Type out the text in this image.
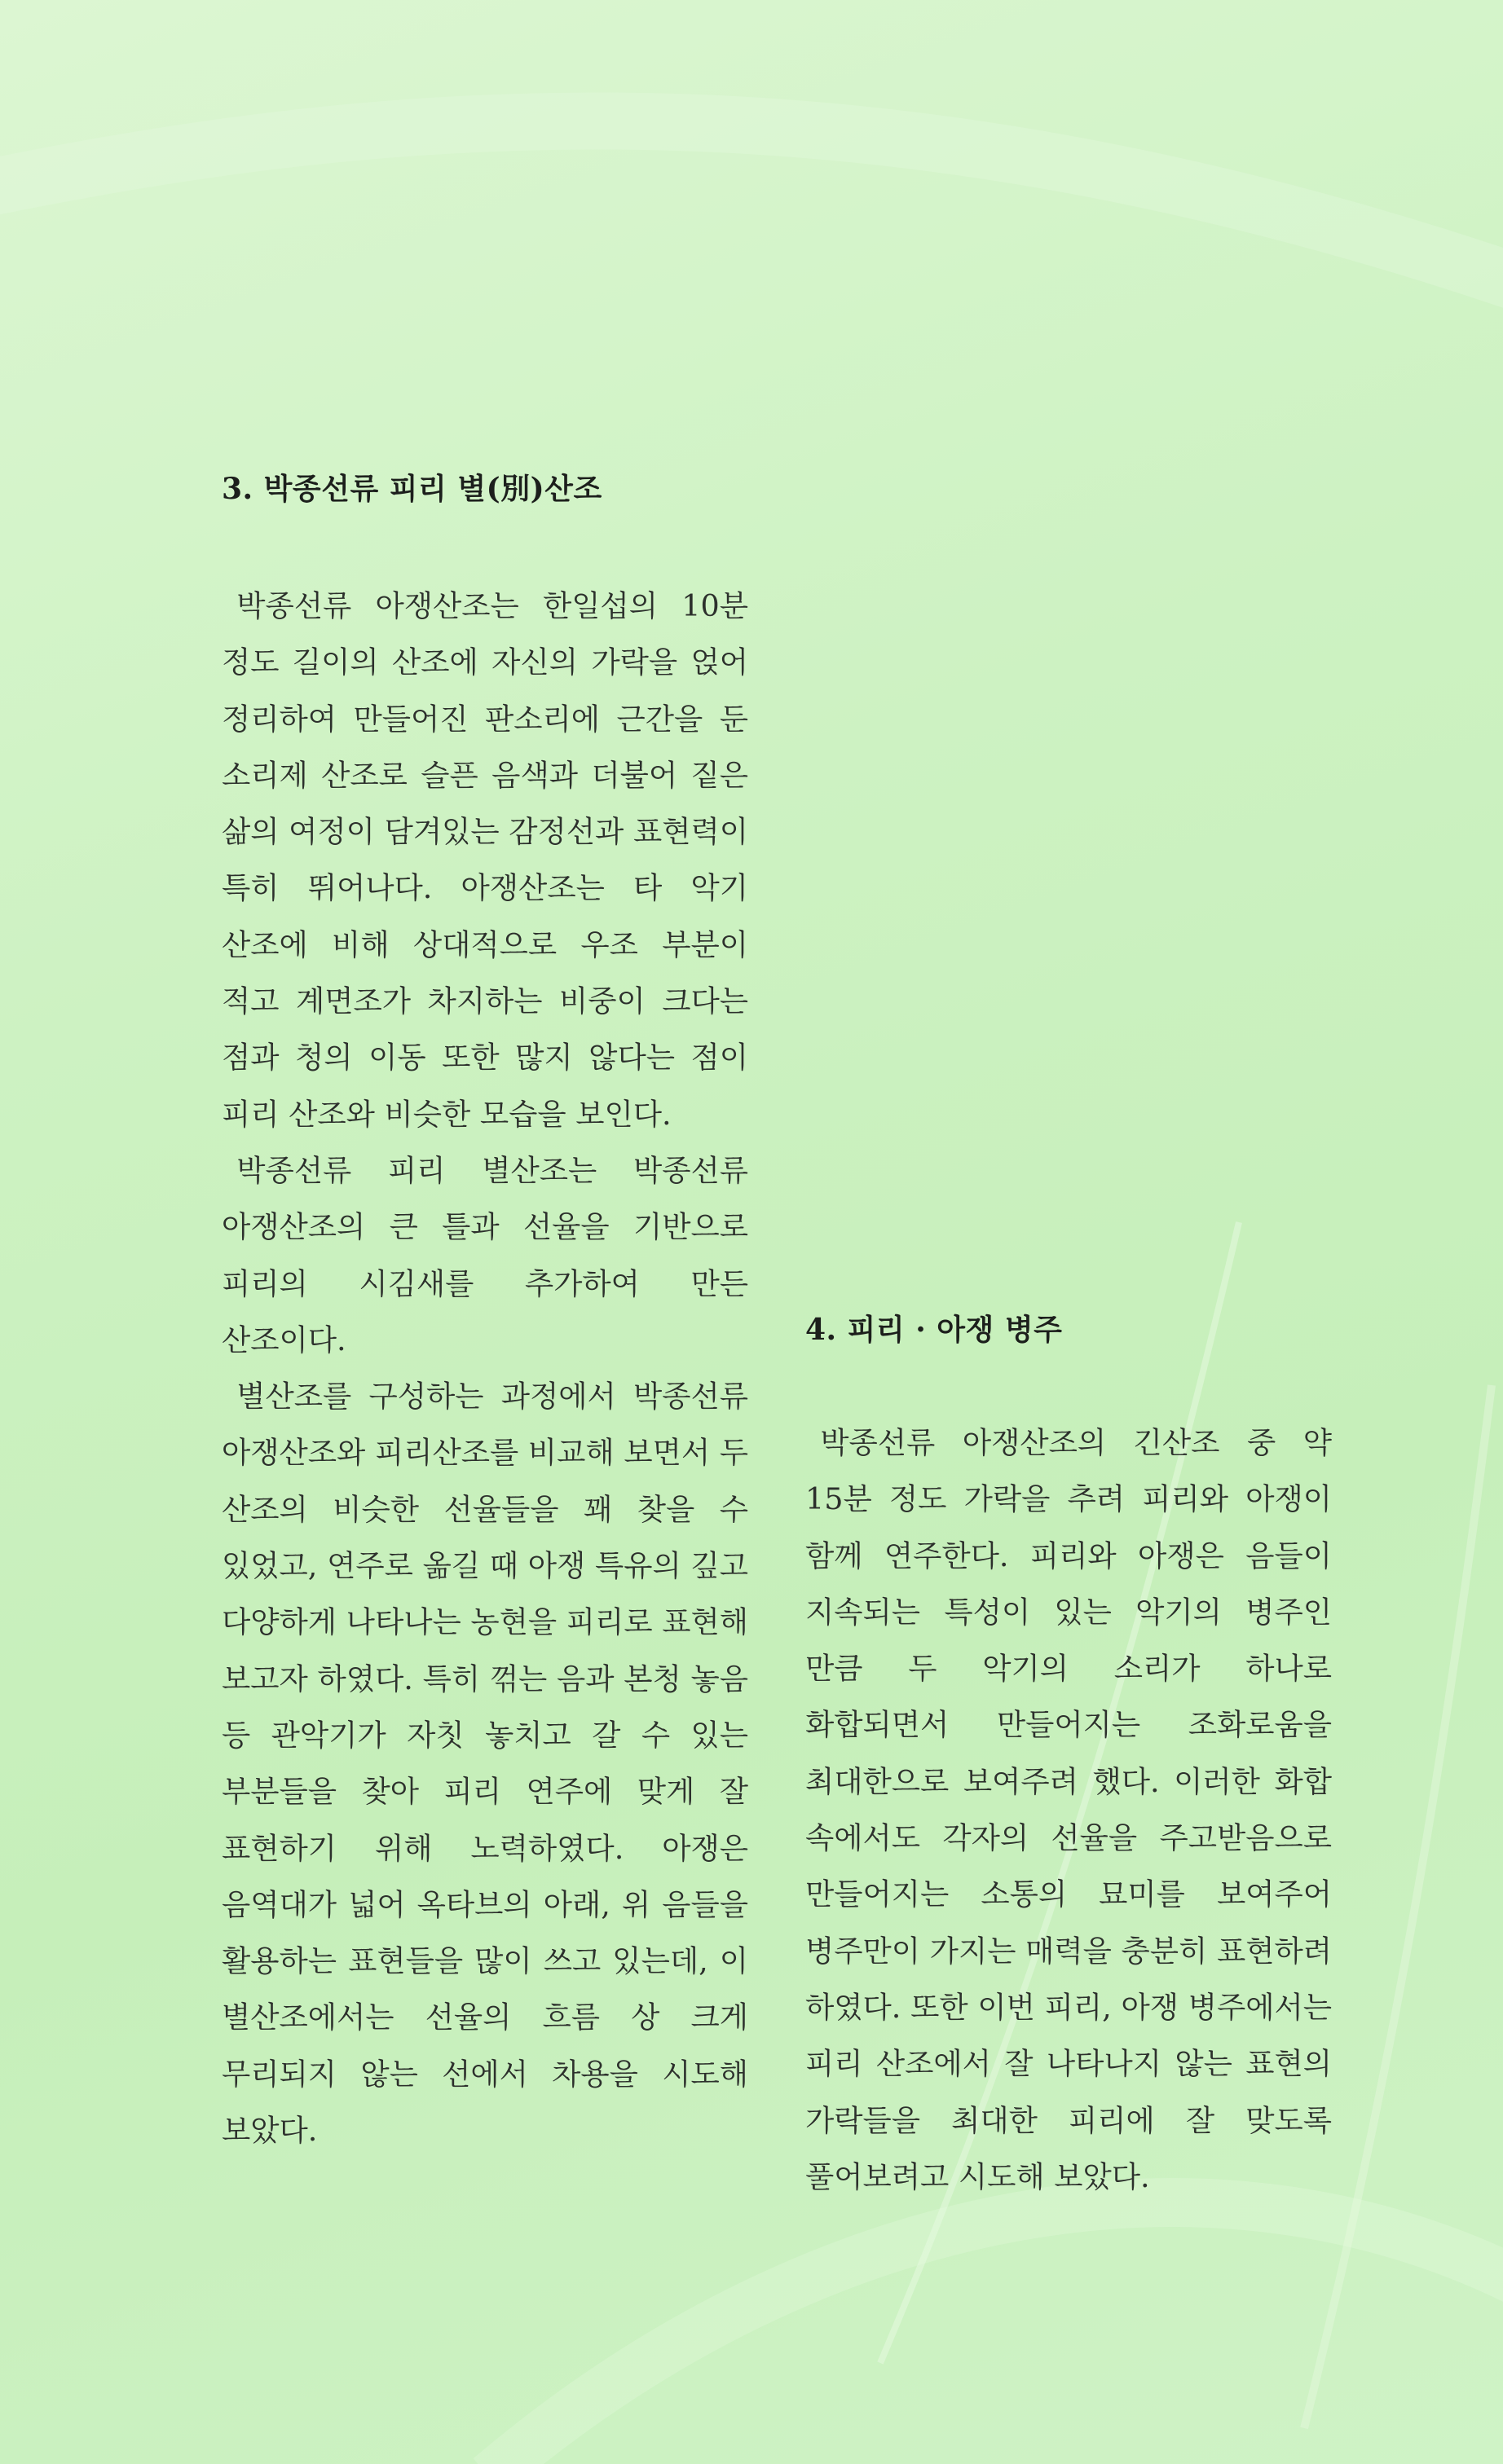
3. 박종선류 피리 별(別)산조

박종선류 아쟁산조는 한일섭의 10분 정도 길이의 산조에 자신의 가락을 얹어 정리하여 만들어진 판소리에 근간을 둔 소리제 산조로 슬픈 음색과 더불어 짙은 삶의 여정이 담겨있는 감정선과 표현력이 특히 뛰어나다. 아쟁산조는 타 악기 산조에 비해 상대적으로 우조 부분이 적고 계면조가 차지하는 비중이 크다는 점과 청의 이동 또한 많지 않다는 점이 피리 산조와 비슷한 모습을 보인다.

박종선류 피리 별산조는 박종선류 아쟁산조의 큰 틀과 선율을 기반으로 피리의 시김새를 추가하여 만든 산조이다.

별산조를 구성하는 과정에서 박종선류 아쟁산조와 피리산조를 비교해 보면서 두 산조의 비슷한 선율들을 꽤 찾을 수 있었고, 연주로 옮길 때 아쟁 특유의 깊고 다양하게 나타나는 농현을 피리로 표현해 보고자 하였다. 특히 꺾는 음과 본청 놓음 등 관악기가 자칫 놓치고 갈 수 있는 부분들을 찾아 피리 연주에 맞게 잘 표현하기 위해 노력하였다. 아쟁은 음역대가 넓어 옥타브의 아래, 위 음들을 활용하는 표현들을 많이 쓰고 있는데, 이 별산조에서는 선율의 흐름 상 크게 무리되지 않는 선에서 차용을 시도해 보았다.

4. 피리 · 아쟁 병주

박종선류 아쟁산조의 긴산조 중 약 15분 정도 가락을 추려 피리와 아쟁이 함께 연주한다. 피리와 아쟁은 음들이 지속되는 특성이 있는 악기의 병주인 만큼 두 악기의 소리가 하나로 화합되면서 만들어지는 조화로움을 최대한으로 보여주려 했다. 이러한 화합 속에서도 각자의 선율을 주고받음으로 만들어지는 소통의 묘미를 보여주어 병주만이 가지는 매력을 충분히 표현하려 하였다. 또한 이번 피리, 아쟁 병주에서는 피리 산조에서 잘 나타나지 않는 표현의 가락들을 최대한 피리에 잘 맞도록 풀어보려고 시도해 보았다.
